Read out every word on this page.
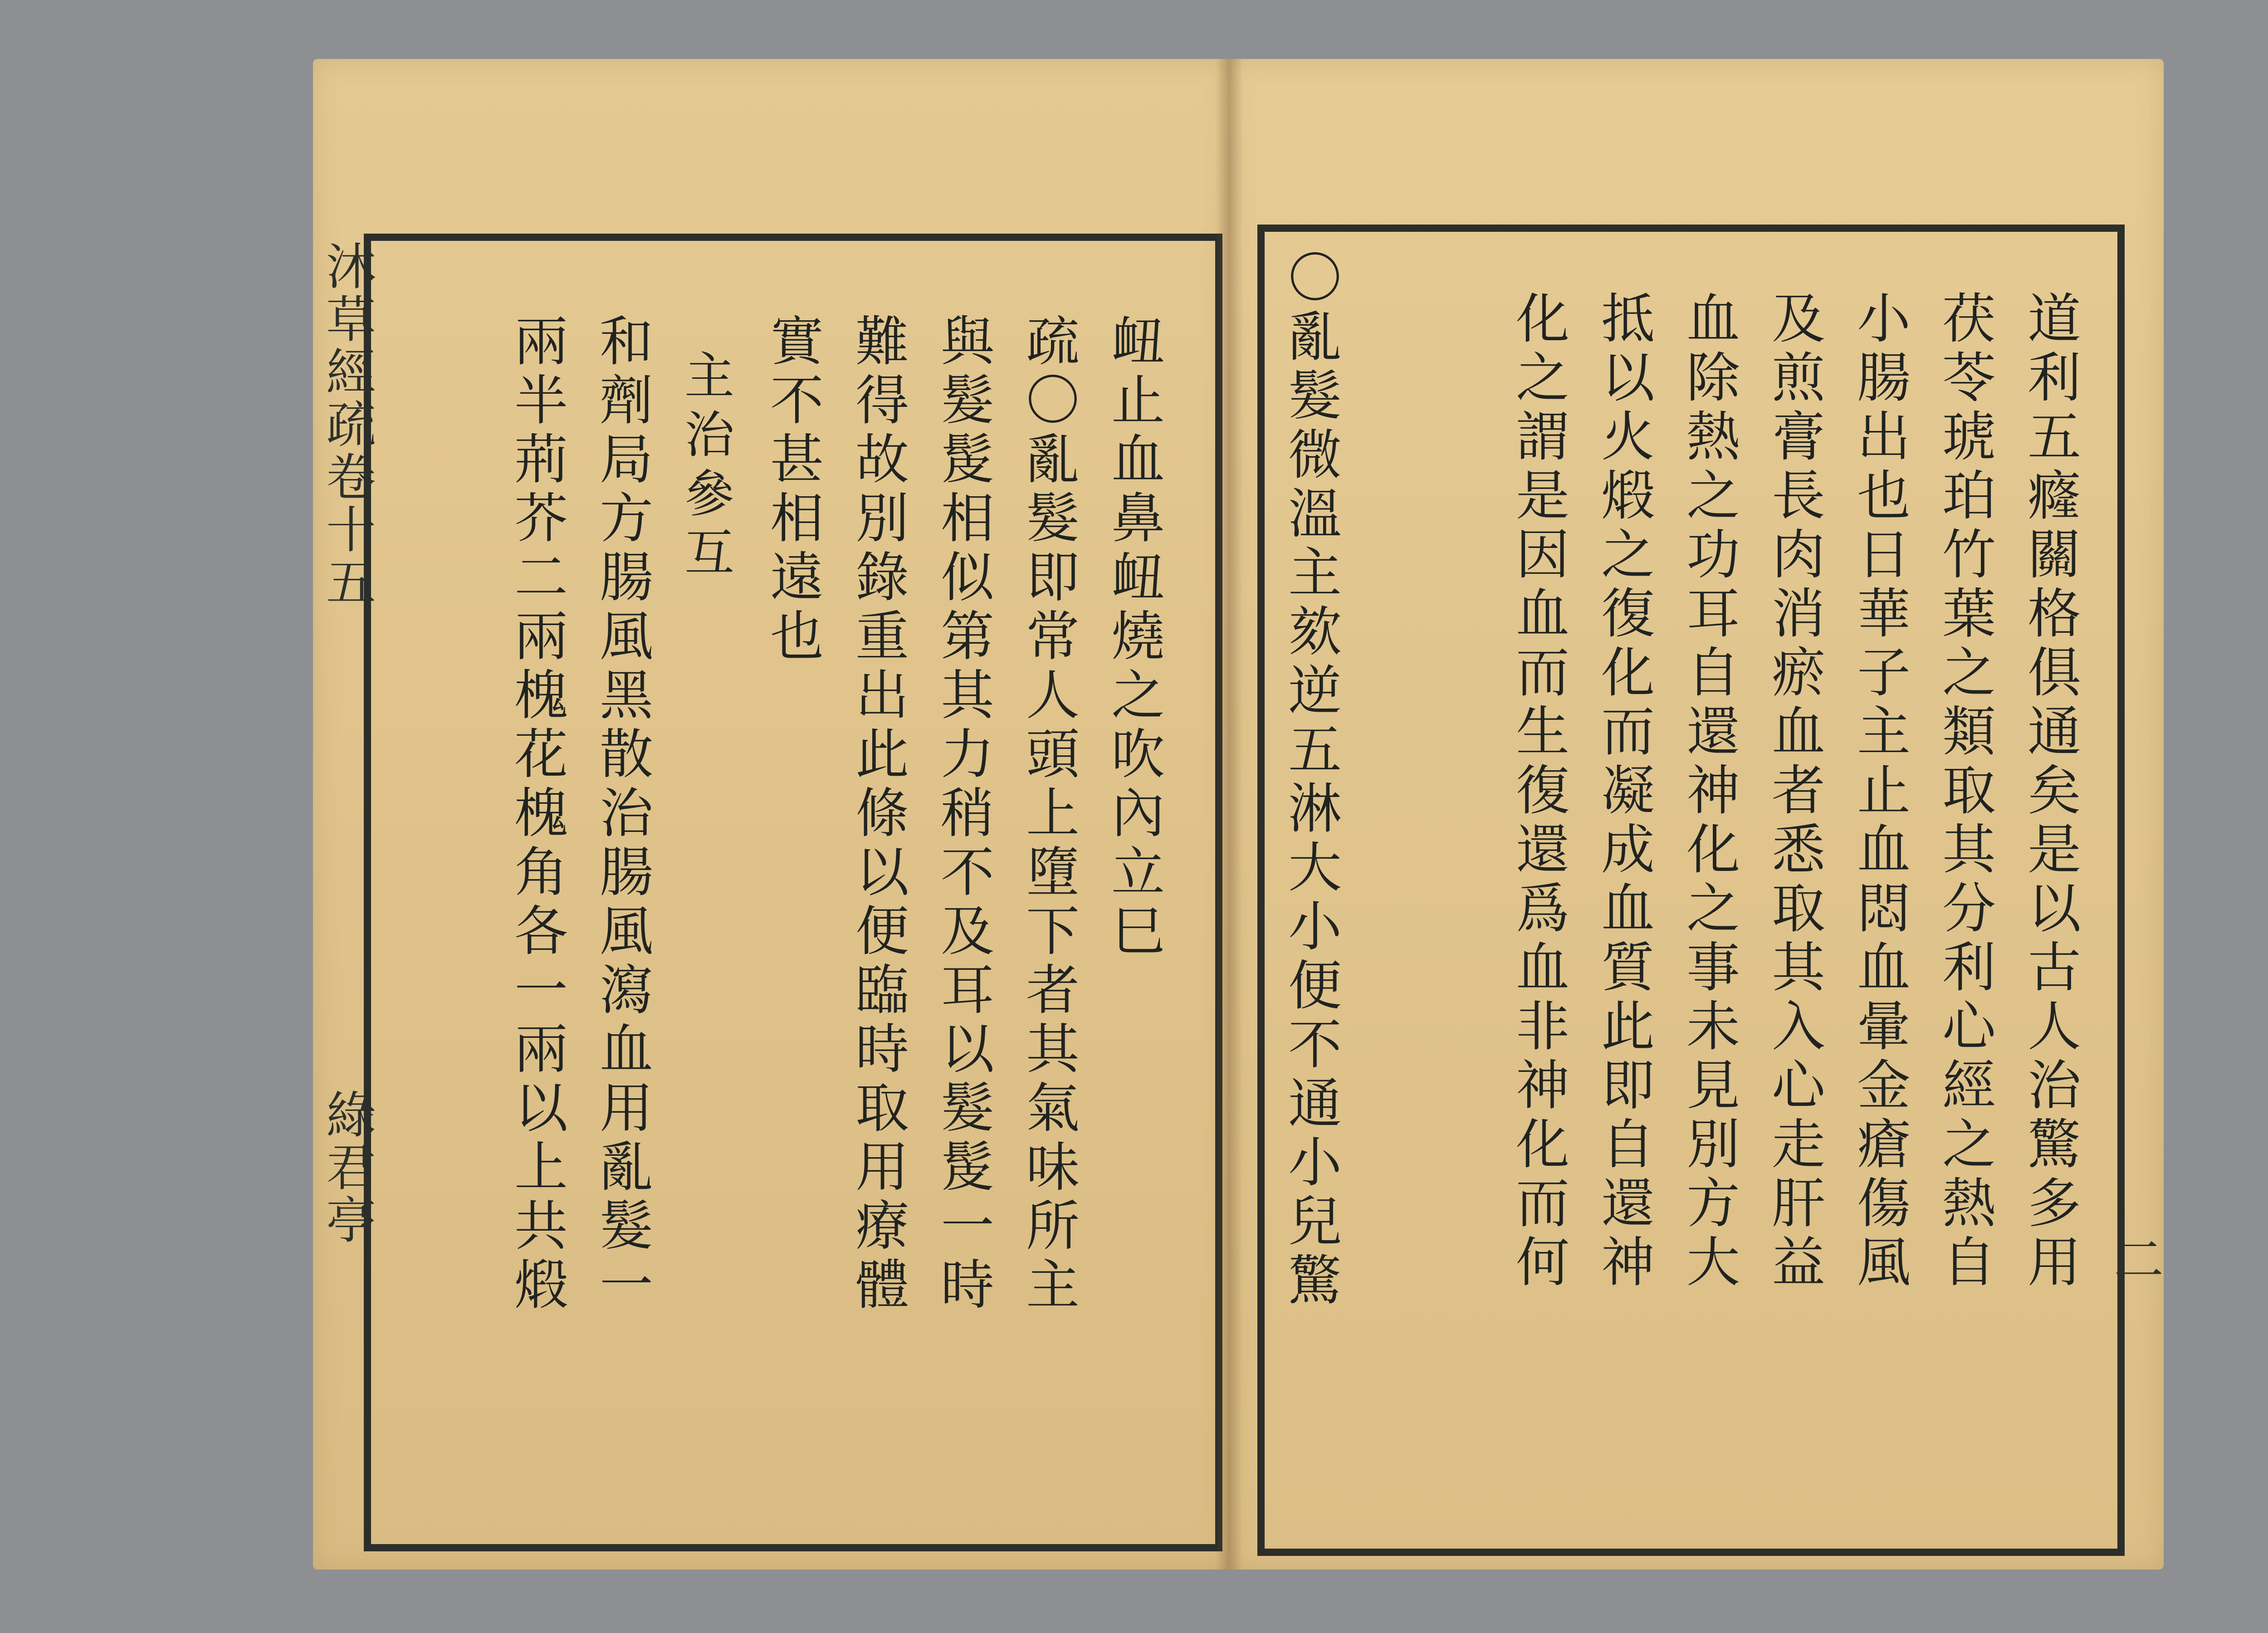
沐草經疏卷十五
綠君亭
衄止血鼻衄燒之吹內立巳
疏〇亂髮即常人頭上墮下者其氣味所主
與髮髲相似第其力稍不及耳以髮髲一時
難得故別錄重出此條以便臨時取用療體
實不甚相遠也
主治參互
和劑局方腸風黑散治腸風瀉血用亂髮一
兩半荊芥二兩槐花槐角各一兩以上共煅	道利五癃關格俱通矣是以古人治驚多用
茯苓琥珀竹葉之類取其分利心經之熱自
小腸出也日華子主止血悶血暈金瘡傷風
及煎膏長肉消瘀血者悉取其入心走肝益
血除熱之功耳自還神化之事未見別方大
抵以火煅之復化而凝成血質此即自還神
化之謂是因血而生復還爲血非神化而何
〇亂髮微溫主欬逆五淋大小便不通小兒驚	二
